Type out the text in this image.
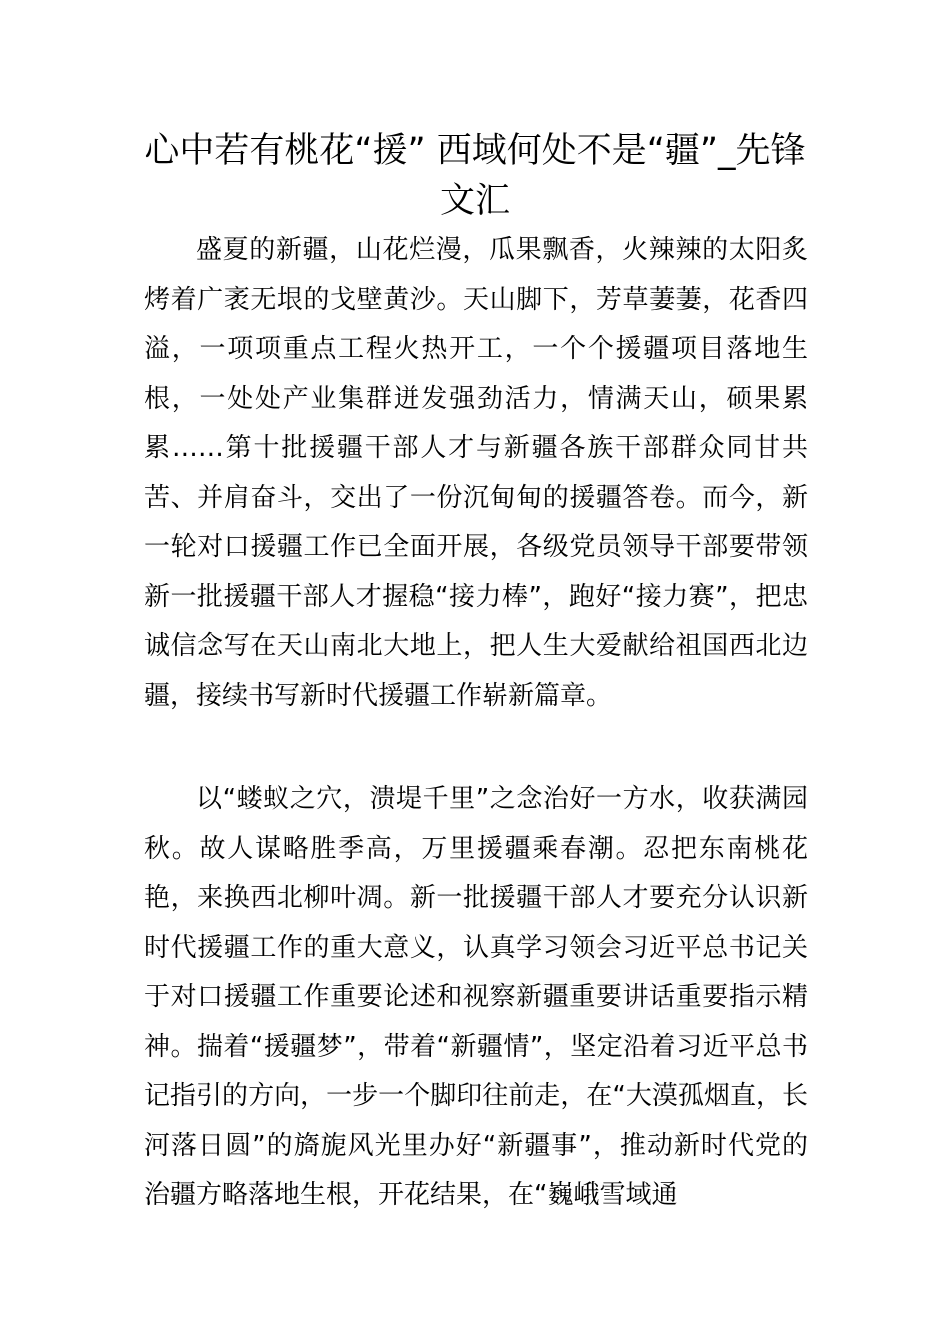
心中若有桃花“援” 西域何处不是“疆”_先锋文汇

盛夏的新疆，山花烂漫，瓜果飘香，火辣辣的太阳炙烤着广袤无垠的戈壁黄沙。天山脚下，芳草萋萋，花香四溢，一项项重点工程火热开工，一个个援疆项目落地生根，一处处产业集群迸发强劲活力，情满天山，硕果累累……第十批援疆干部人才与新疆各族干部群众同甘共苦、并肩奋斗，交出了一份沉甸甸的援疆答卷。而今，新一轮对口援疆工作已全面开展，各级党员领导干部要带领新一批援疆干部人才握稳“接力棒”，跑好“接力赛”，把忠诚信念写在天山南北大地上，把人生大爱献给祖国西北边疆，接续书写新时代援疆工作崭新篇章。

以“蝼蚁之穴，溃堤千里”之念治好一方水，收获满园秋。故人谋略胜季高，万里援疆乘春潮。忍把东南桃花艳，来换西北柳叶凋。新一批援疆干部人才要充分认识新时代援疆工作的重大意义，认真学习领会习近平总书记关于对口援疆工作重要论述和视察新疆重要讲话重要指示精神。揣着“援疆梦”，带着“新疆情”，坚定沿着习近平总书记指引的方向，一步一个脚印往前走，在“大漠孤烟直，长河落日圆”的旖旎风光里办好“新疆事”，推动新时代党的治疆方略落地生根，开花结果，在“巍峨雪域通
